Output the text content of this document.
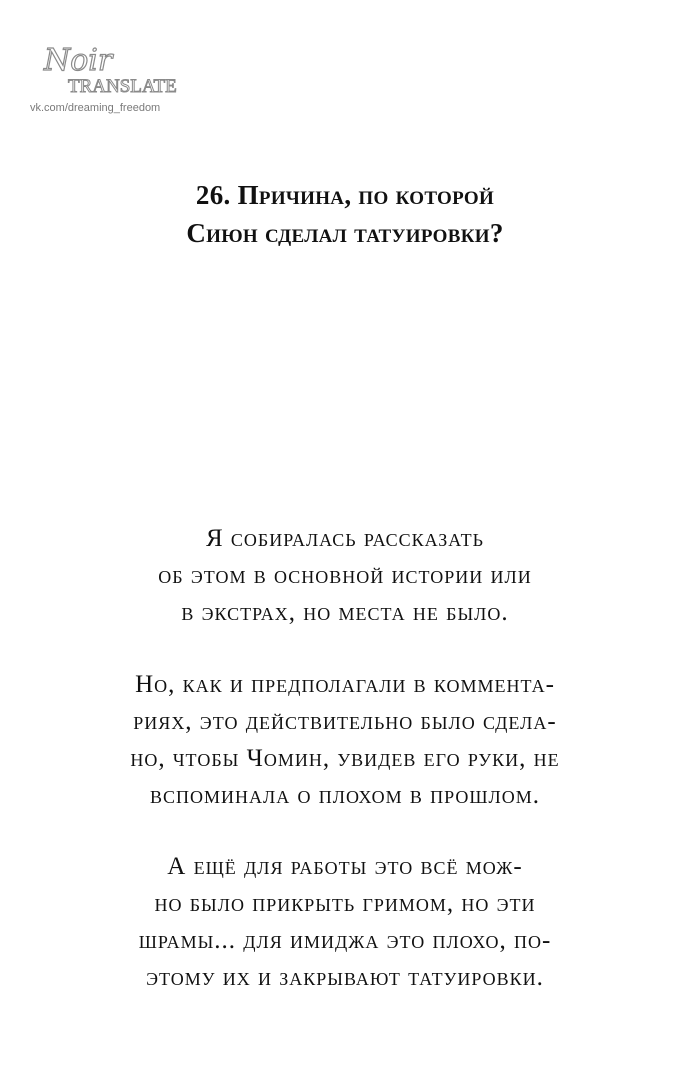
Noir
TRANSLATE
vk.com/dreaming_freedom
26. Причина, по которой
Сиюн сделал татуировки?
Я собиралась рассказать
об этом в основной истории или
в экстрах, но места не было.
Но, как и предполагали в коммента-
риях, это действительно было сдела-
но, чтобы Чомин, увидев его руки, не
вспоминала о плохом в прошлом.
А ещё для работы это всё мож-
но было прикрыть гримом, но эти
шрамы... для имиджа это плохо, по-
этому их и закрывают татуировки.
